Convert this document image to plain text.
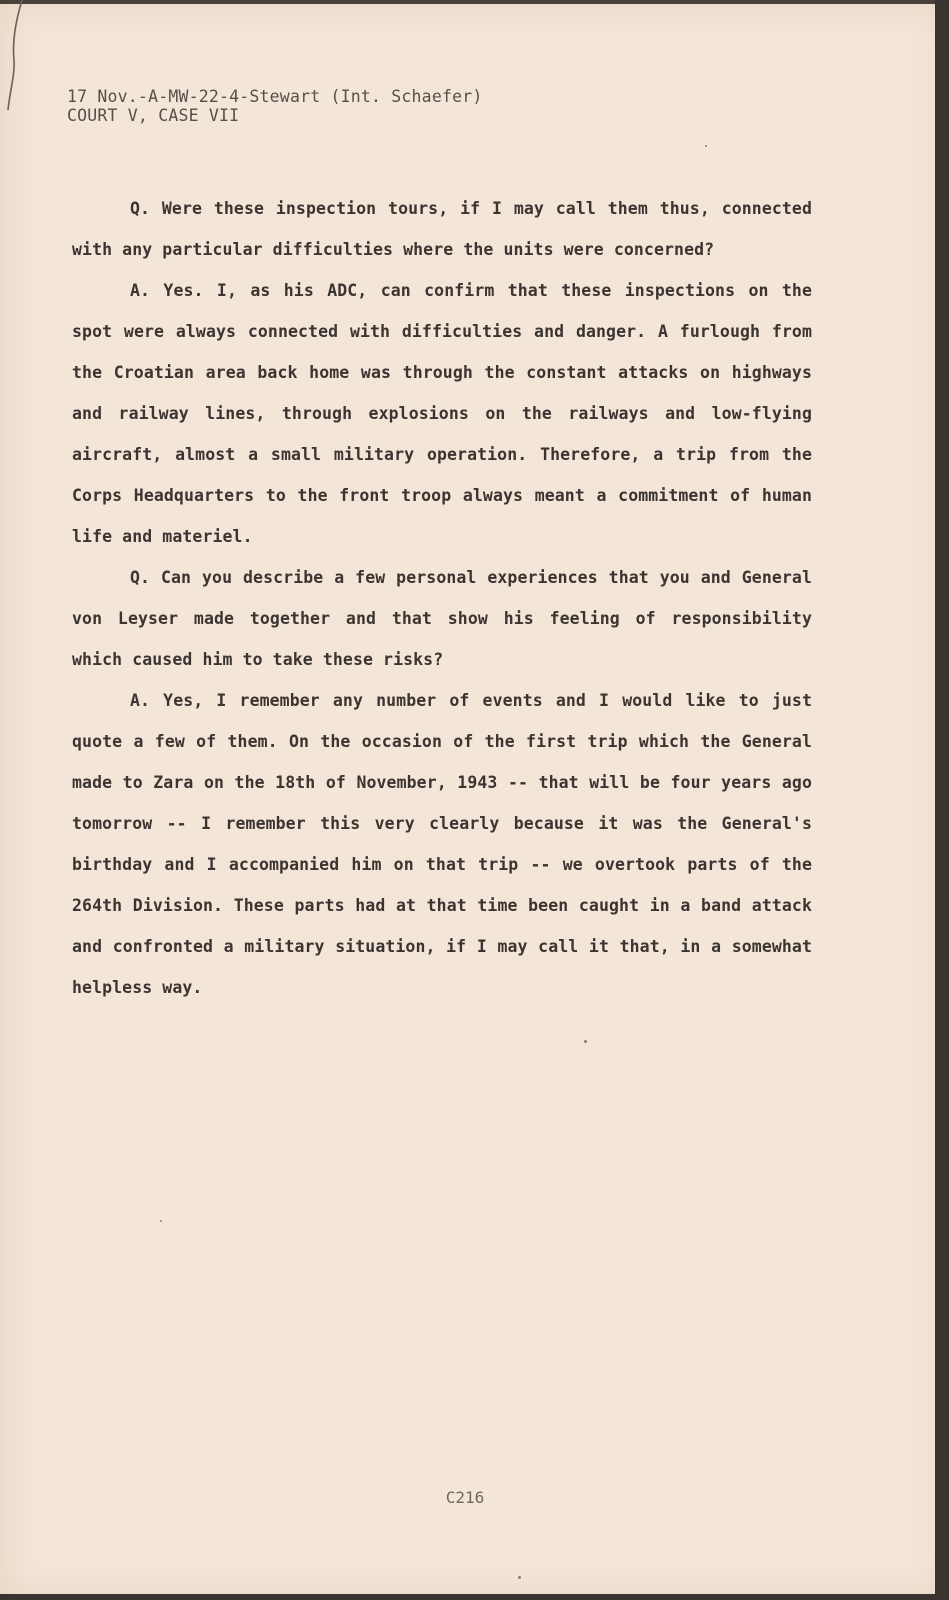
17 Nov.-A-MW-22-4-Stewart (Int. Schaefer)
COURT V, CASE VII

Q. Were these inspection tours, if I may call them thus, connected with any particular difficulties where the units were concerned?

A. Yes. I, as his ADC, can confirm that these inspections on the spot were always connected with difficulties and danger. A furlough from the Croatian area back home was through the constant attacks on highways and railway lines, through explosions on the railways and low-flying aircraft, almost a small military operation. Therefore, a trip from the Corps Headquarters to the front troop always meant a commitment of human life and materiel.

Q. Can you describe a few personal experiences that you and General von Leyser made together and that show his feeling of responsibility which caused him to take these risks?

A. Yes, I remember any number of events and I would like to just quote a few of them. On the occasion of the first trip which the General made to Zara on the 18th of November, 1943 -- that will be four years ago tomorrow -- I remember this very clearly because it was the General's birthday and I accompanied him on that trip -- we overtook parts of the 264th Division. These parts had at that time been caught in a band attack and confronted a military situation, if I may call it that, in a somewhat helpless way.

C216
